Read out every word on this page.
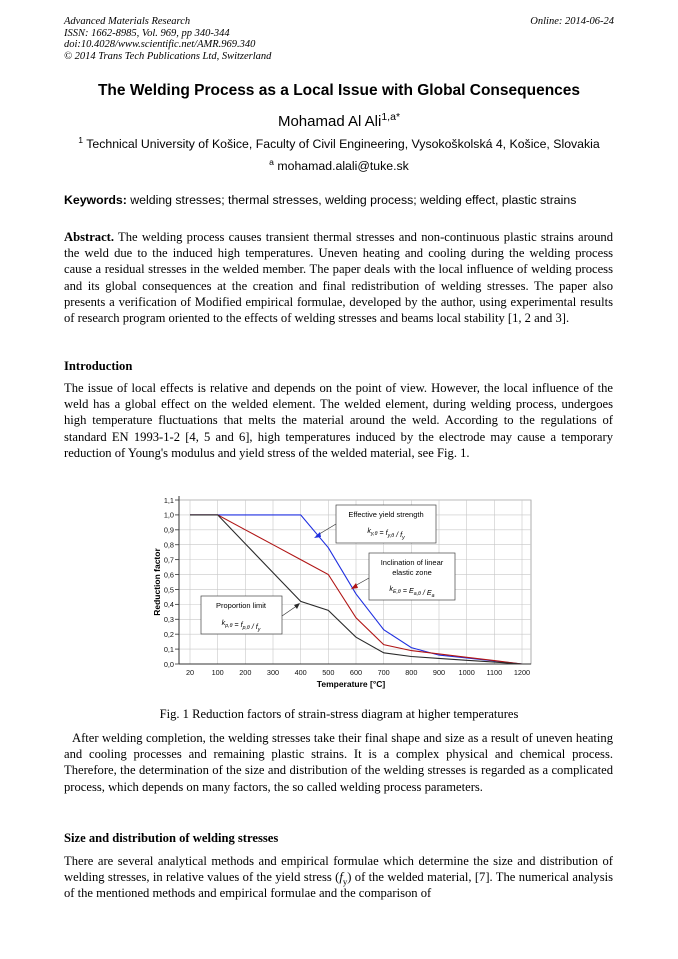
Advanced Materials Research
ISSN: 1662-8985, Vol. 969, pp 340-344
doi:10.4028/www.scientific.net/AMR.969.340
© 2014 Trans Tech Publications Ltd, Switzerland
Online: 2014-06-24
The Welding Process as a Local Issue with Global Consequences
Mohamad Al Ali$^{1,a*}$
$^1$ Technical University of Košice, Faculty of Civil Engineering, Vysokoškolská 4, Košice, Slovakia
$^a$ mohamad.alali@tuke.sk
Keywords: welding stresses; thermal stresses, welding process; welding effect, plastic strains
Abstract. The welding process causes transient thermal stresses and non-continuous plastic strains around the weld due to the induced high temperatures. Uneven heating and cooling during the welding process cause a residual stresses in the welded member. The paper deals with the local influence of welding process and its global consequences at the creation and final redistribution of welding stresses. The paper also presents a verification of Modified empirical formulae, developed by the author, using experimental results of research program oriented to the effects of welding stresses and beams local stability [1, 2 and 3].
Introduction
The issue of local effects is relative and depends on the point of view. However, the local influence of the weld has a global effect on the welded element. The welded element, during welding process, undergoes high temperature fluctuations that melts the material around the weld. According to the regulations of standard EN 1993-1-2 [4, 5 and 6], high temperatures induced by the electrode may cause a temporary reduction of Young's modulus and yield stress of the welded material, see Fig. 1.
Effective yield strength
$k_{y,\theta} = f_{y,\theta} / f_y$
Inclination of linear
elastic zone
$k_{E,\theta} = E_{a,\theta} / E_a$
Proportion limit
$k_{p,\theta} = f_{p,\theta} / f_y$
0,0
0,1
0,2
0,3
0,4
0,5
0,6
0,7
0,8
0,9
1,0
1,1
20 100 200 300 400 500 600 700 800 900 1000 1100 1200
Temperature [°C]
Reduction factor
Fig. 1 Reduction factors of strain-stress diagram at higher temperatures
After welding completion, the welding stresses take their final shape and size as a result of uneven heating and cooling processes and remaining plastic strains. It is a complex physical and chemical process. Therefore, the determination of the size and distribution of the welding stresses is regarded as a complicated process, which depends on many factors, the so called welding process parameters.
Size and distribution of welding stresses
There are several analytical methods and empirical formulae which determine the size and distribution of welding stresses, in relative values of the yield stress $(f_y)$ of the welded material, [7]. The numerical analysis of the mentioned methods and empirical formulae and the comparison of
